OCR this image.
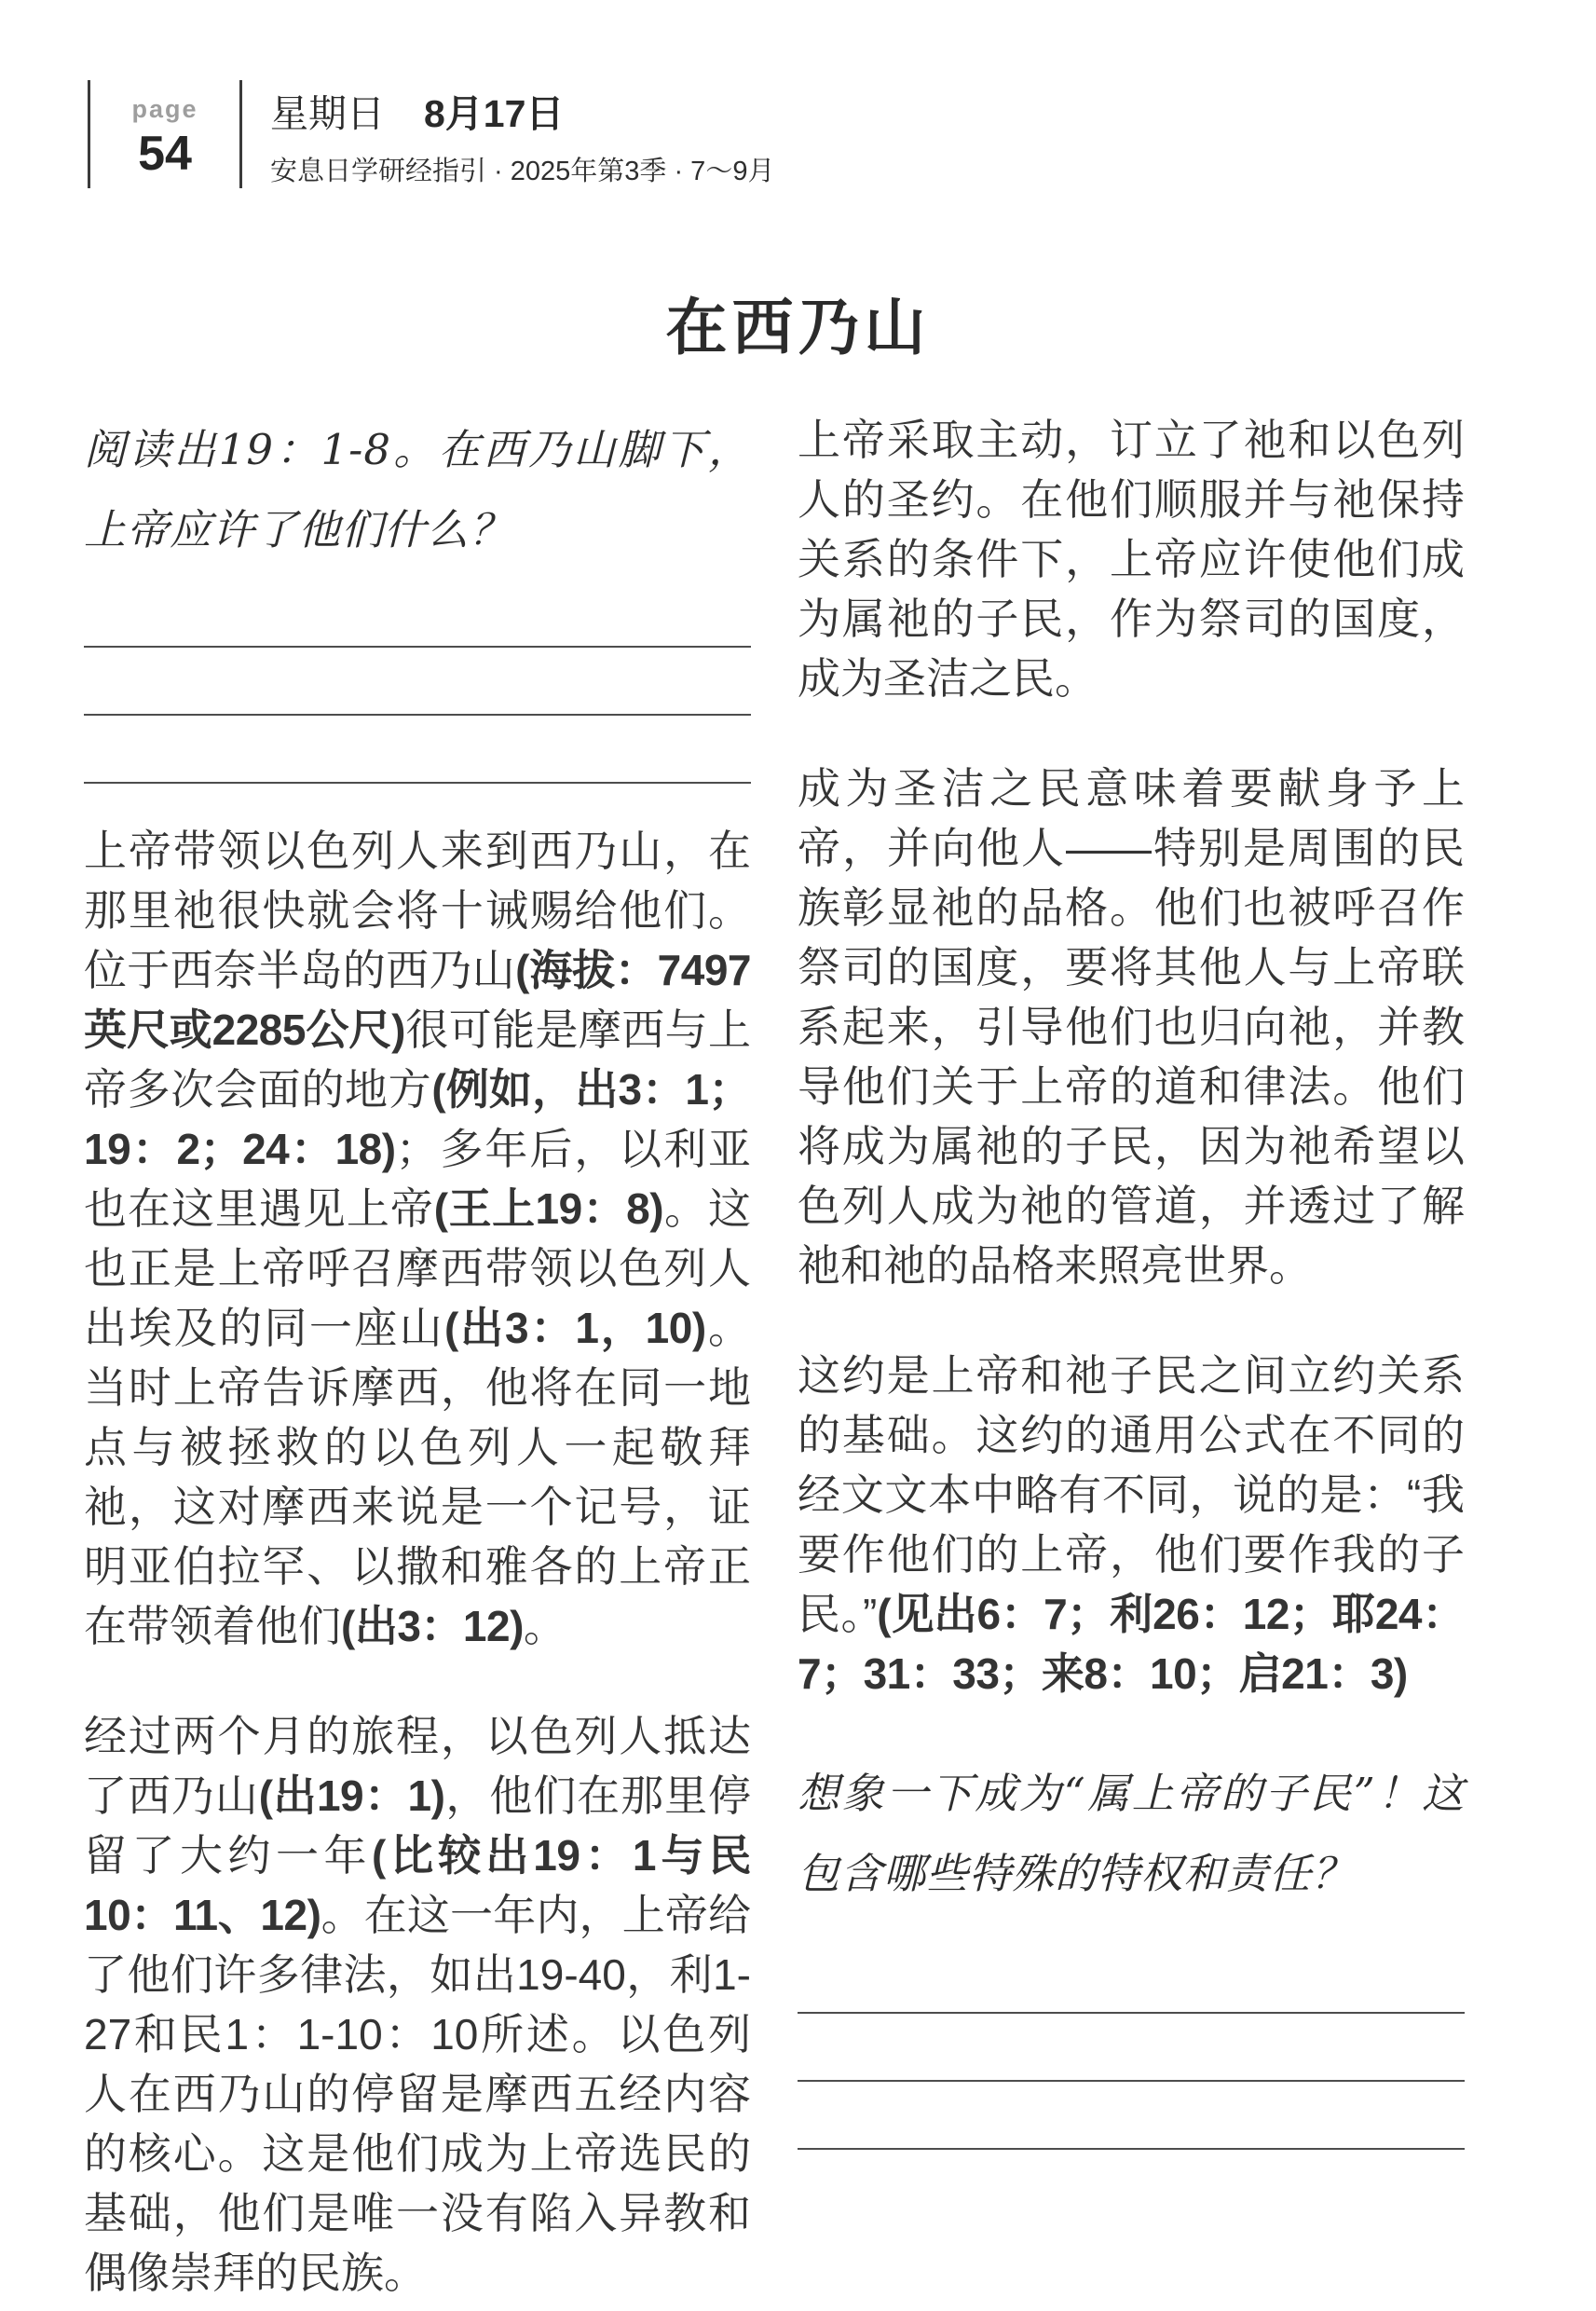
page
54
星期日 8月17日
安息日学研经指引 · 2025年第3季 · 7～9月
在西乃山

阅读出19：1-8。在西乃山脚下，上帝应许了他们什么？

上帝带领以色列人来到西乃山，在那里祂很快就会将十诫赐给他们。位于西奈半岛的西乃山(海拔：7497英尺或2285公尺)很可能是摩西与上帝多次会面的地方(例如，出3：1；19：2；24：18)；多年后，以利亚也在这里遇见上帝(王上19：8)。这也正是上帝呼召摩西带领以色列人出埃及的同一座山(出3：1，10)。当时上帝告诉摩西，他将在同一地点与被拯救的以色列人一起敬拜祂，这对摩西来说是一个记号，证明亚伯拉罕、以撒和雅各的上帝正在带领着他们(出3：12)。

经过两个月的旅程，以色列人抵达了西乃山(出19：1)，他们在那里停留了大约一年(比较出19：1与民10：11、12)。在这一年内，上帝给了他们许多律法，如出19-40，利1-27和民1：1-10：10所述。以色列人在西乃山的停留是摩西五经内容的核心。这是他们成为上帝选民的基础，他们是唯一没有陷入异教和偶像崇拜的民族。

上帝采取主动，订立了祂和以色列人的圣约。在他们顺服并与祂保持关系的条件下，上帝应许使他们成为属祂的子民，作为祭司的国度，成为圣洁之民。

成为圣洁之民意味着要献身予上帝，并向他人——特别是周围的民族彰显祂的品格。他们也被呼召作祭司的国度，要将其他人与上帝联系起来，引导他们也归向祂，并教导他们关于上帝的道和律法。他们将成为属祂的子民，因为祂希望以色列人成为祂的管道，并透过了解祂和祂的品格来照亮世界。

这约是上帝和祂子民之间立约关系的基础。这约的通用公式在不同的经文文本中略有不同，说的是：“我要作他们的上帝，他们要作我的子民。”(见出6：7；利26：12；耶24：7；31：33；来8：10；启21：3)

想象一下成为“属上帝的子民”！这包含哪些特殊的特权和责任？
